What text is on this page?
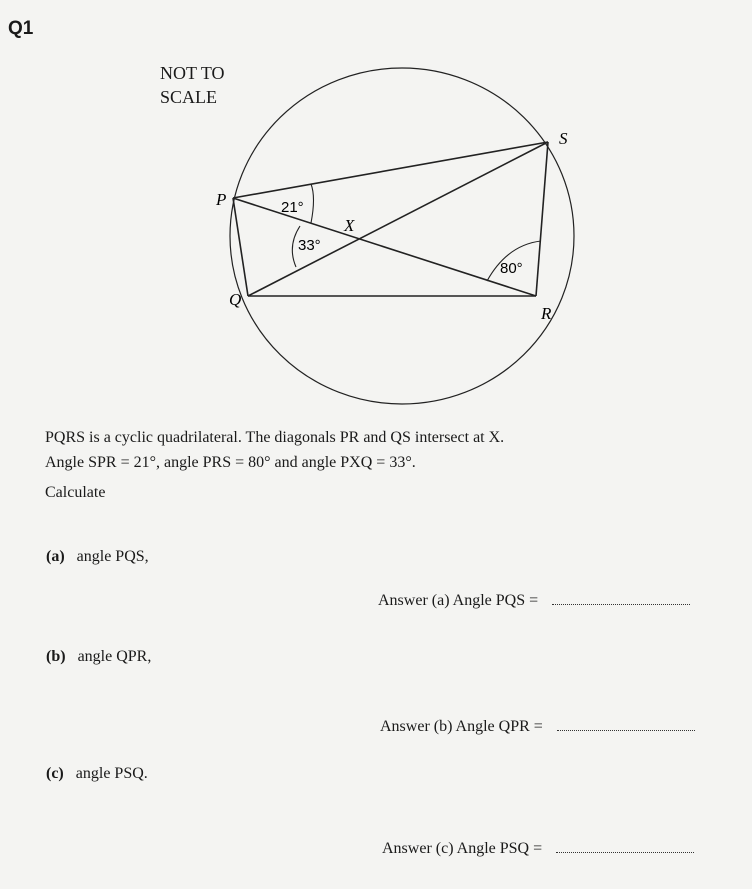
Q1
NOT TO
SCALE
P
Q
R
S
X
21°
33°
80°
PQRS is a cyclic quadrilateral. The diagonals PR and QS intersect at X.
Angle SPR = 21°, angle PRS = 80° and angle PXQ = 33°.
Calculate
(a) angle PQS,
Answer (a) Angle PQS =
(b) angle QPR,
Answer (b) Angle QPR =
(c) angle PSQ.
Answer (c) Angle PSQ =
